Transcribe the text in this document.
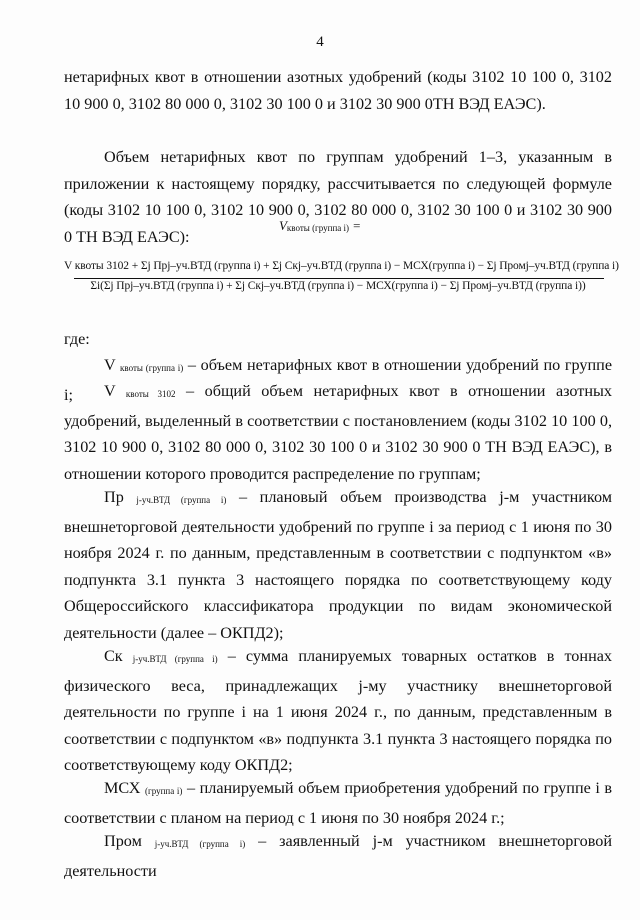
4

нетарифных квот в отношении азотных удобрений (коды 3102 10 100 0, 3102 10 900 0, 3102 80 000 0, 3102 30 100 0 и 3102 30 900 0ТН ВЭД ЕАЭС).

Объем нетарифных квот по группам удобрений 1–3, указанным в приложении к настоящему порядку, рассчитывается по следующей формуле (коды 3102 10 100 0, 3102 10 900 0, 3102 80 000 0, 3102 30 100 0 и 3102 30 900 0 ТН ВЭД ЕАЭС):

Vквоты (группа i) =
V квоты 3102 + Σj Прj–уч.ВТД (группа i) + Σj Скj–уч.ВТД (группа i) − МСХ(группа i) − Σj Промj–уч.ВТД (группа i)
Σi(Σj Прj–уч.ВТД (группа i) + Σj Скj–уч.ВТД (группа i) − МСХ(группа i) − Σj Промj–уч.ВТД (группа i))

где:

V квоты (группа i) – объем нетарифных квот в отношении удобрений по группе i;	V квоты 3102 – общий объем нетарифных квот в отношении азотных удобрений, выделенный в соответствии с постановлением (коды 3102 10 100 0, 3102 10 900 0, 3102 80 000 0, 3102 30 100 0 и 3102 30 900 0 ТН ВЭД ЕАЭС), в отношении которого проводится распределение по группам;

Пр j-уч.ВТД (группа i) – плановый объем производства j-м участником внешнеторговой деятельности удобрений по группе i за период с 1 июня по 30 ноября 2024 г. по данным, представленным в соответствии с подпунктом «в» подпункта 3.1 пункта 3 настоящего порядка по соответствующему коду Общероссийского классификатора продукции по видам экономической деятельности (далее – ОКПД2);

Ск j-уч.ВТД (группа i) – сумма планируемых товарных остатков в тоннах физического веса, принадлежащих j-му участнику внешнеторговой деятельности по группе i на 1 июня 2024 г., по данным, представленным в соответствии с подпунктом «в» подпункта 3.1 пункта 3 настоящего порядка по соответствующему коду ОКПД2;

МСХ (группа i) – планируемый объем приобретения удобрений по группе i в соответствии с планом на период с 1 июня по 30 ноября 2024 г.;

Пром j-уч.ВТД (группа i) – заявленный j-м участником внешнеторговой деятельности
